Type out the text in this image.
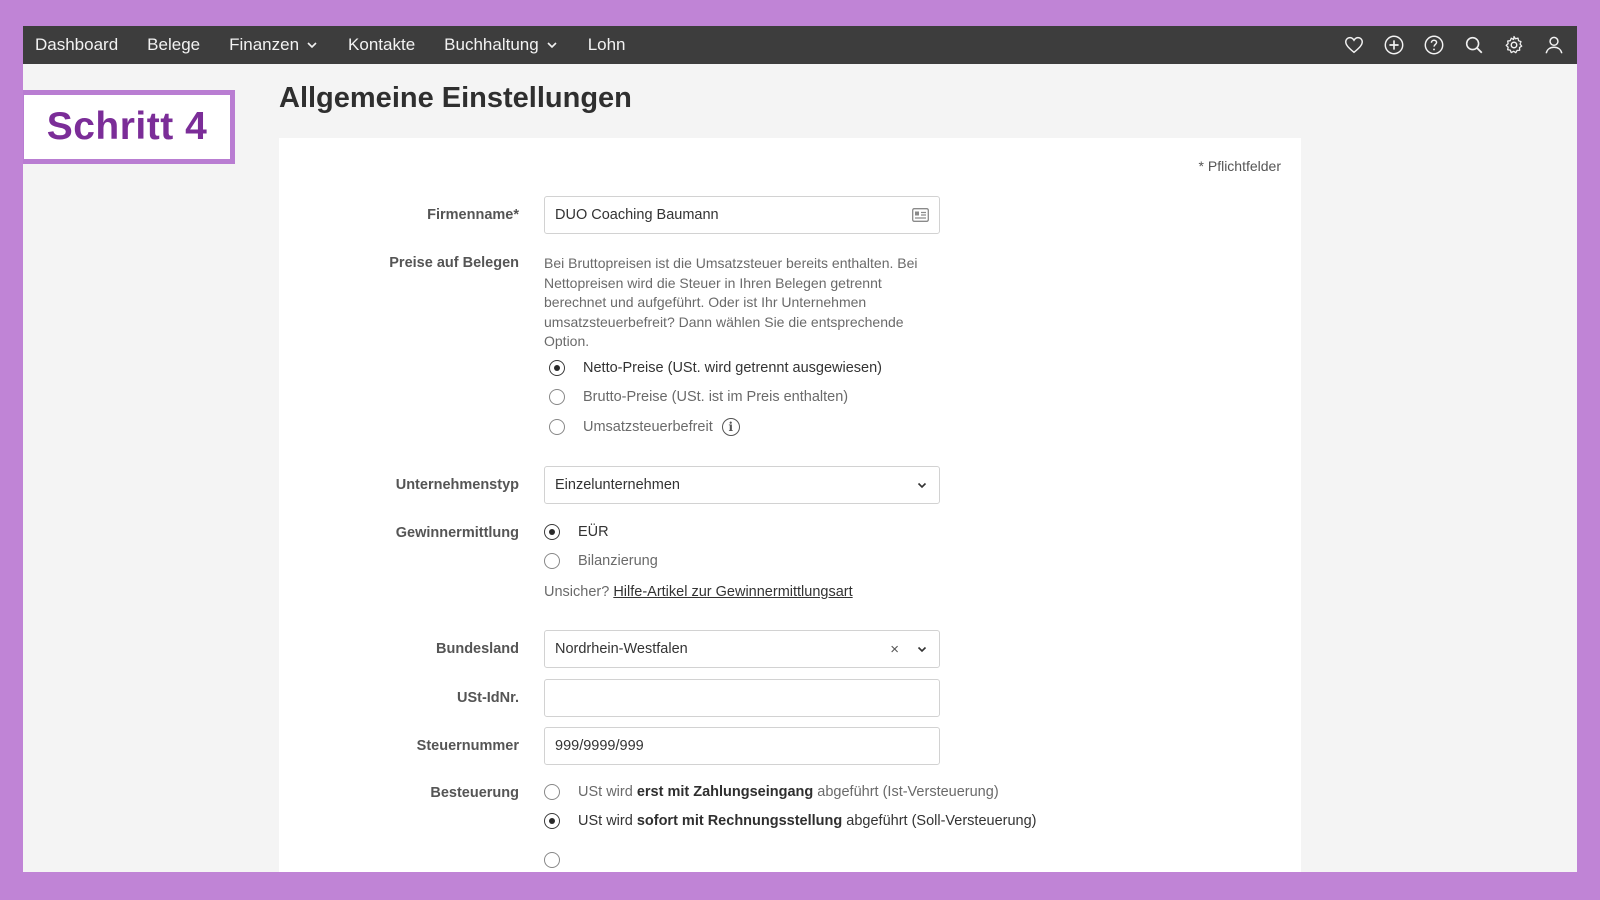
Dashboard Belege Finanzen	Kontakte Buchhaltung	Lohn
Schritt 4
Allgemeine Einstellungen
* Pflichtfelder
Firmenname* DUO Coaching Baumann
Preise auf Belegen Bei Bruttopreisen ist die Umsatzsteuer bereits enthalten. Bei Nettopreisen wird die Steuer in Ihren Belegen getrennt berechnet und aufgeführt. Oder ist Ihr Unternehmen umsatzsteuerbefreit? Dann wählen Sie die entsprechende Option.
Netto-Preise (USt. wird getrennt ausgewiesen)
Brutto-Preise (USt. ist im Preis enthalten)
Umsatzsteuerbefreit	i
Unternehmenstyp Einzelunternehmen
Gewinnermittlung	EÜR
Bilanzierung
Unsicher? Hilfe-Artikel zur Gewinnermittlungsart
Bundesland Nordrhein-Westfalen	×
USt-IdNr.
Steuernummer 999/9999/999
Besteuerung	USt wird erst mit Zahlungseingang abgeführt (Ist-Versteuerung)
USt wird sofort mit Rechnungsstellung abgeführt (Soll-Versteuerung)
